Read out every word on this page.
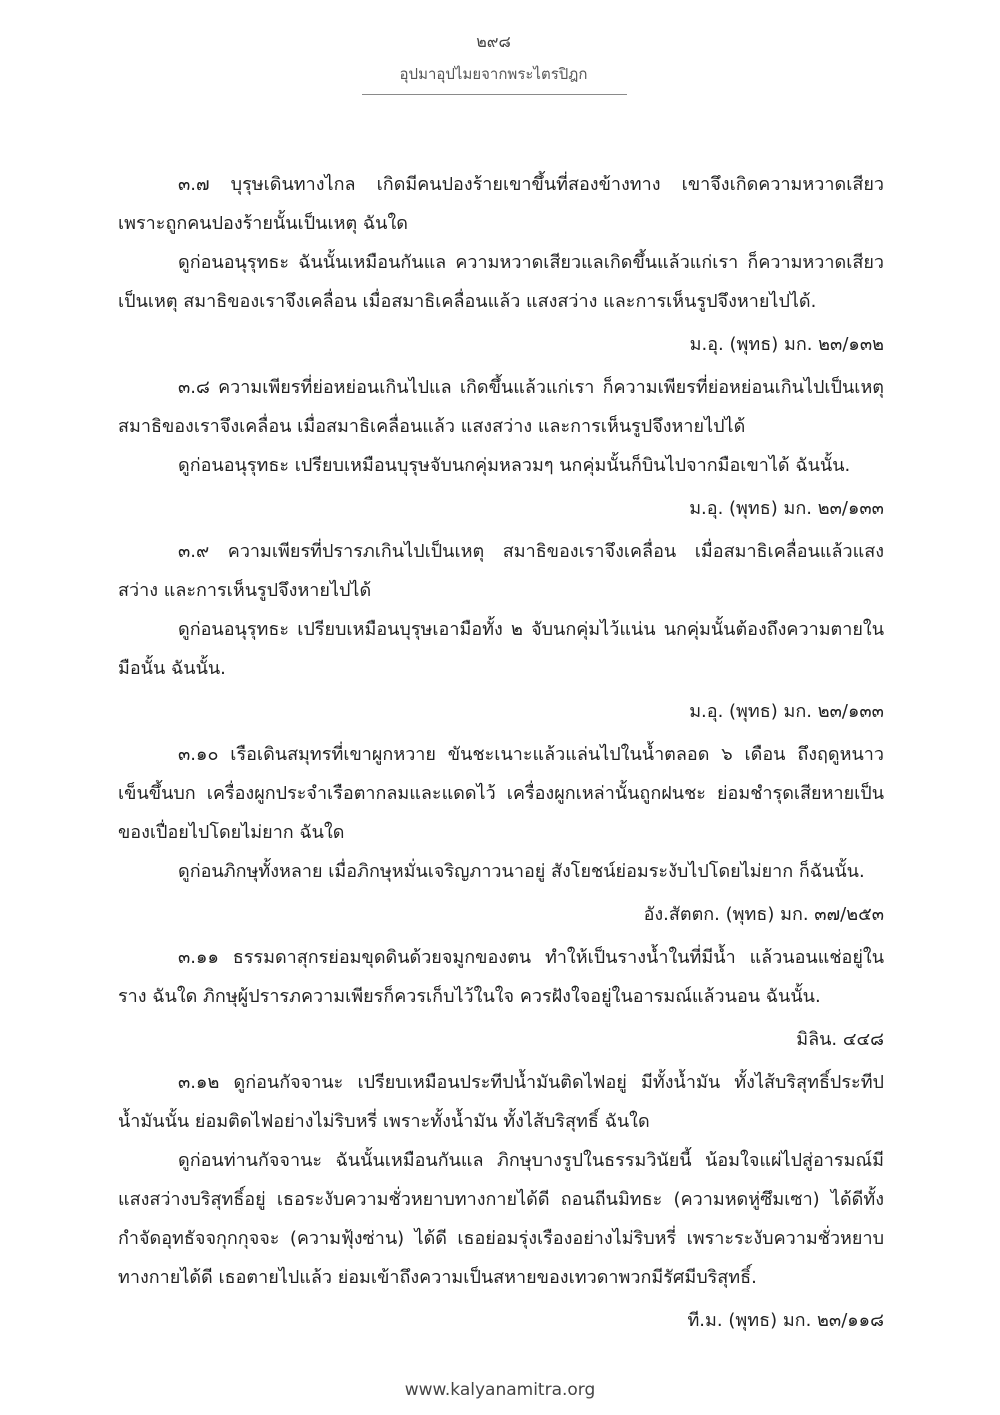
๒๙๘
อุปมาอุปไมยจากพระไตรปิฎก

๓.๗ บุรุษเดินทางไกล เกิดมีคนปองร้ายเขาขึ้นที่สองข้างทาง เขาจึงเกิดความหวาดเสียวเพราะถูกคนปองร้ายนั้นเป็นเหตุ ฉันใด

ดูก่อนอนุรุทธะ ฉันนั้นเหมือนกันแล ความหวาดเสียวแลเกิดขึ้นแล้วแก่เรา ก็ความหวาดเสียวเป็นเหตุ สมาธิของเราจึงเคลื่อน เมื่อสมาธิเคลื่อนแล้ว แสงสว่าง และการเห็นรูปจึงหายไปได้.

ม.อุ. (พุทธ) มก. ๒๓/๑๓๒

๓.๘ ความเพียรที่ย่อหย่อนเกินไปแล เกิดขึ้นแล้วแก่เรา ก็ความเพียรที่ย่อหย่อนเกินไปเป็นเหตุ สมาธิของเราจึงเคลื่อน เมื่อสมาธิเคลื่อนแล้ว แสงสว่าง และการเห็นรูปจึงหายไปได้

ดูก่อนอนุรุทธะ เปรียบเหมือนบุรุษจับนกคุ่มหลวมๆ นกคุ่มนั้นก็บินไปจากมือเขาได้ ฉันนั้น.

ม.อุ. (พุทธ) มก. ๒๓/๑๓๓

๓.๙ ความเพียรที่ปรารภเกินไปเป็นเหตุ สมาธิของเราจึงเคลื่อน เมื่อสมาธิเคลื่อนแล้วแสงสว่าง และการเห็นรูปจึงหายไปได้

ดูก่อนอนุรุทธะ เปรียบเหมือนบุรุษเอามือทั้ง ๒ จับนกคุ่มไว้แน่น นกคุ่มนั้นต้องถึงความตายในมือนั้น ฉันนั้น.

ม.อุ. (พุทธ) มก. ๒๓/๑๓๓

๓.๑๐ เรือเดินสมุทรที่เขาผูกหวาย ขันชะเนาะแล้วแล่นไปในน้ำตลอด ๖ เดือน ถึงฤดูหนาวเข็นขึ้นบก เครื่องผูกประจำเรือตากลมและแดดไว้ เครื่องผูกเหล่านั้นถูกฝนชะ ย่อมชำรุดเสียหายเป็นของเปื่อยไปโดยไม่ยาก ฉันใด

ดูก่อนภิกษุทั้งหลาย เมื่อภิกษุหมั่นเจริญภาวนาอยู่ สังโยชน์ย่อมระงับไปโดยไม่ยาก ก็ฉันนั้น.

อัง.สัตตก. (พุทธ) มก. ๓๗/๒๕๓

๓.๑๑ ธรรมดาสุกรย่อมขุดดินด้วยจมูกของตน ทำให้เป็นรางน้ำในที่มีน้ำ แล้วนอนแช่อยู่ในราง ฉันใด ภิกษุผู้ปรารภความเพียรก็ควรเก็บไว้ในใจ ควรฝังใจอยู่ในอารมณ์แล้วนอน ฉันนั้น.

มิลิน. ๔๔๘

๓.๑๒ ดูก่อนกัจจานะ เปรียบเหมือนประทีปน้ำมันติดไฟอยู่ มีทั้งน้ำมัน ทั้งไส้บริสุทธิ์ประทีปน้ำมันนั้น ย่อมติดไฟอย่างไม่ริบหรี่ เพราะทั้งน้ำมัน ทั้งไส้บริสุทธิ์ ฉันใด

ดูก่อนท่านกัจจานะ ฉันนั้นเหมือนกันแล ภิกษุบางรูปในธรรมวินัยนี้ น้อมใจแผ่ไปสู่อารมณ์มีแสงสว่างบริสุทธิ์อยู่ เธอระงับความชั่วหยาบทางกายได้ดี ถอนถีนมิทธะ (ความหดหู่ซึมเซา) ได้ดีทั้งกำจัดอุทธัจจกุกกุจจะ (ความฟุ้งซ่าน) ได้ดี เธอย่อมรุ่งเรืองอย่างไม่ริบหรี่ เพราะระงับความชั่วหยาบทางกายได้ดี เธอตายไปแล้ว ย่อมเข้าถึงความเป็นสหายของเทวดาพวกมีรัศมีบริสุทธิ์.

ที.ม. (พุทธ) มก. ๒๓/๑๑๘

www.kalyanamitra.org
